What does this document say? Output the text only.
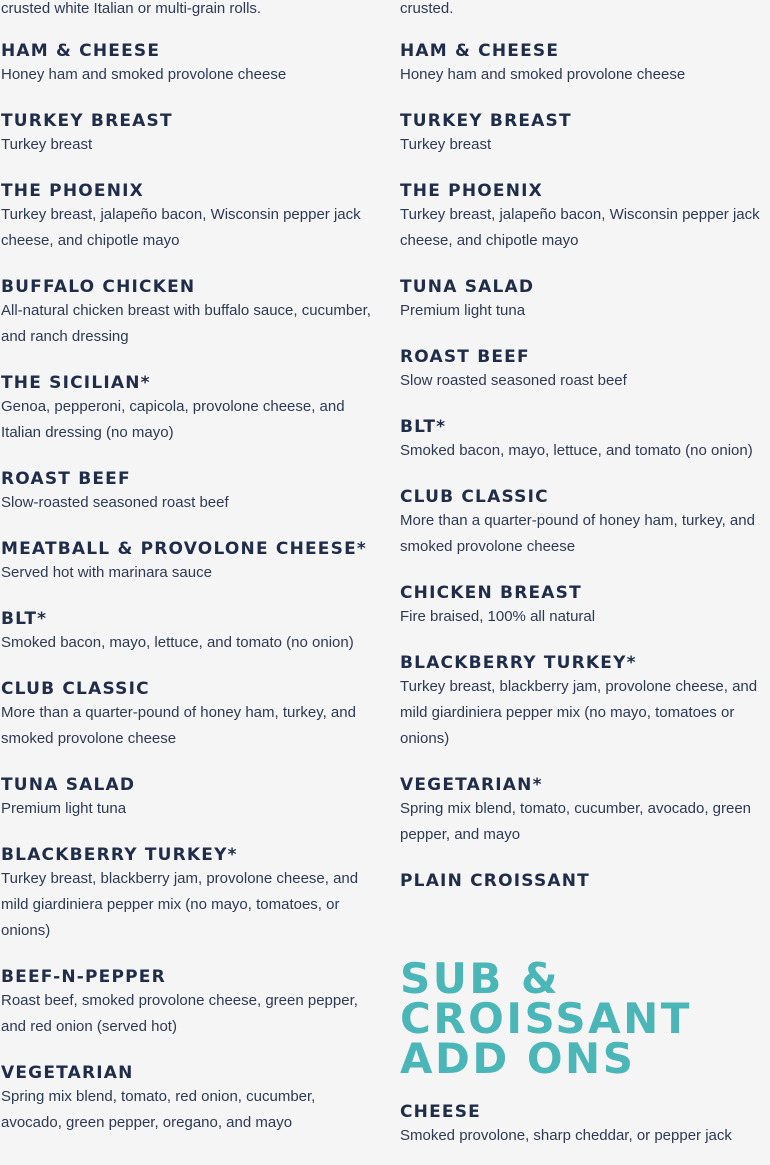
crusted white Italian or multi-grain rolls.
HAM & CHEESE
Honey ham and smoked provolone cheese
TURKEY BREAST
Turkey breast
THE PHOENIX
Turkey breast, jalapeño bacon, Wisconsin pepper jack cheese, and chipotle mayo
BUFFALO CHICKEN
All-natural chicken breast with buffalo sauce, cucumber, and ranch dressing
THE SICILIAN*
Genoa, pepperoni, capicola, provolone cheese, and Italian dressing (no mayo)
ROAST BEEF
Slow-roasted seasoned roast beef
MEATBALL & PROVOLONE CHEESE*
Served hot with marinara sauce
BLT*
Smoked bacon, mayo, lettuce, and tomato (no onion)
CLUB CLASSIC
More than a quarter-pound of honey ham, turkey, and smoked provolone cheese
TUNA SALAD
Premium light tuna
BLACKBERRY TURKEY*
Turkey breast, blackberry jam, provolone cheese, and mild giardiniera pepper mix (no mayo, tomatoes, or onions)
BEEF-N-PEPPER
Roast beef, smoked provolone cheese, green pepper, and red onion (served hot)
VEGETARIAN
Spring mix blend, tomato, red onion, cucumber, avocado, green pepper, oregano, and mayo
crusted.
HAM & CHEESE
Honey ham and smoked provolone cheese
TURKEY BREAST
Turkey breast
THE PHOENIX
Turkey breast, jalapeño bacon, Wisconsin pepper jack cheese, and chipotle mayo
TUNA SALAD
Premium light tuna
ROAST BEEF
Slow roasted seasoned roast beef
BLT*
Smoked bacon, mayo, lettuce, and tomato (no onion)
CLUB CLASSIC
More than a quarter-pound of honey ham, turkey, and smoked provolone cheese
CHICKEN BREAST
Fire braised, 100% all natural
BLACKBERRY TURKEY*
Turkey breast, blackberry jam, provolone cheese, and mild giardiniera pepper mix (no mayo, tomatoes or onions)
VEGETARIAN*
Spring mix blend, tomato, cucumber, avocado, green pepper, and mayo
PLAIN CROISSANT
SUB &
CROISSANT
ADD ONS
CHEESE
Smoked provolone, sharp cheddar, or pepper jack
